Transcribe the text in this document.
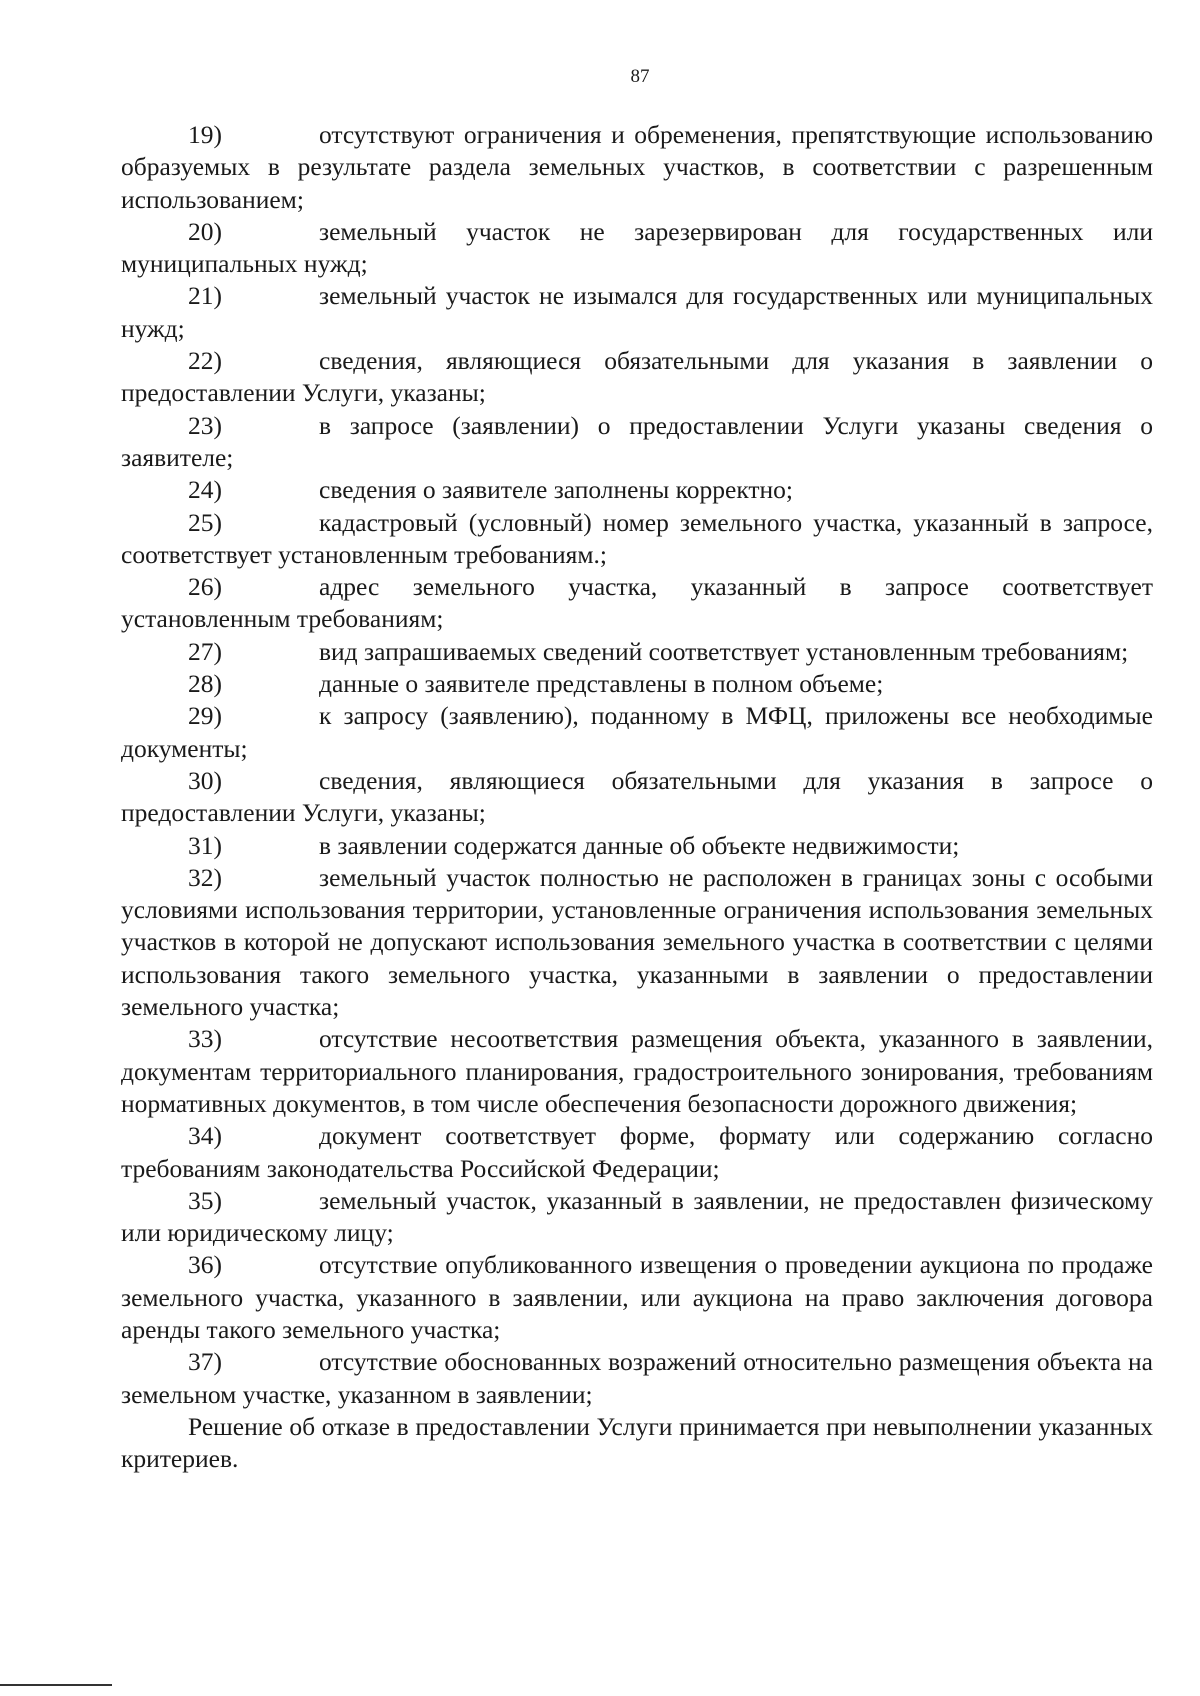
87

19)	отсутствуют ограничения и обременения, препятствующие использованию образуемых в результате раздела земельных участков, в соответствии с разрешенным использованием;

20)	земельный участок не зарезервирован для государственных или муниципальных нужд;

21)	земельный участок не изымался для государственных или муниципальных нужд;

22)	сведения, являющиеся обязательными для указания в заявлении о предоставлении Услуги, указаны;

23)	в запросе (заявлении) о предоставлении Услуги указаны сведения о заявителе;

24)	сведения о заявителе заполнены корректно;

25)	кадастровый (условный) номер земельного участка, указанный в запросе, соответствует установленным требованиям.;

26)	адрес земельного участка, указанный в запросе соответствует установленным требованиям;

27)	вид запрашиваемых сведений соответствует установленным требованиям;

28)	данные о заявителе представлены в полном объеме;

29)	к запросу (заявлению), поданному в МФЦ, приложены все необходимые документы;

30)	сведения, являющиеся обязательными для указания в запросе о предоставлении Услуги, указаны;

31)	в заявлении содержатся данные об объекте недвижимости;

32)	земельный участок полностью не расположен в границах зоны с особыми условиями использования территории, установленные ограничения использования земельных участков в которой не допускают использования земельного участка в соответствии с целями использования такого земельного участка, указанными в заявлении о предоставлении земельного участка;

33)	отсутствие несоответствия размещения объекта, указанного в заявлении, документам территориального планирования, градостроительного зонирования, требованиям нормативных документов, в том числе обеспечения безопасности дорожного движения;

34)	документ соответствует форме, формату или содержанию согласно требованиям законодательства Российской Федерации;

35)	земельный участок, указанный в заявлении, не предоставлен физическому или юридическому лицу;

36)	отсутствие опубликованного извещения о проведении аукциона по продаже земельного участка, указанного в заявлении, или аукциона на право заключения договора аренды такого земельного участка;

37)	отсутствие обоснованных возражений относительно размещения объекта на земельном участке, указанном в заявлении;

Решение об отказе в предоставлении Услуги принимается при невыполнении указанных критериев.
